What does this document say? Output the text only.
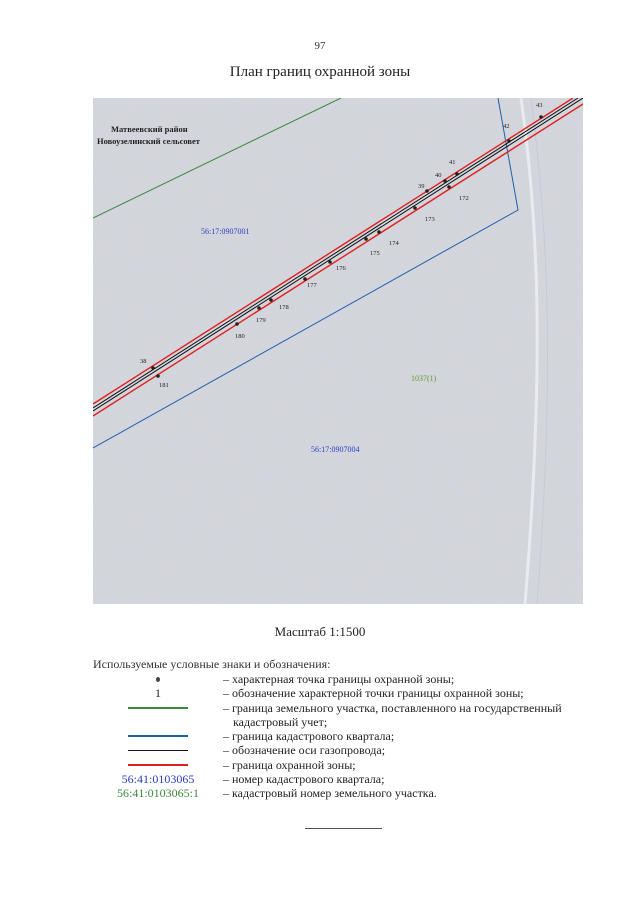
97
План границ охранной зоны
Матвеевский район
Новоузелинский сельсовет
56:17:0907001
56:17:0907004
1037(1)
43
42
41
40
39
172
173
174
175
176
177
178
179
180
38
181
Масштаб 1:1500
Используемые условные знаки и обозначения:
– характерная точка границы охранной зоны;
1	– обозначение характерной точки границы охранной зоны;
– граница земельного участка, поставленного на государственный
кадастровый учет;
– граница кадастрового квартала;
– обозначение оси газопровода;
– граница охранной зоны;
56:41:0103065 – номер кадастрового квартала;
56:41:0103065:1 – кадастровый номер земельного участка.
